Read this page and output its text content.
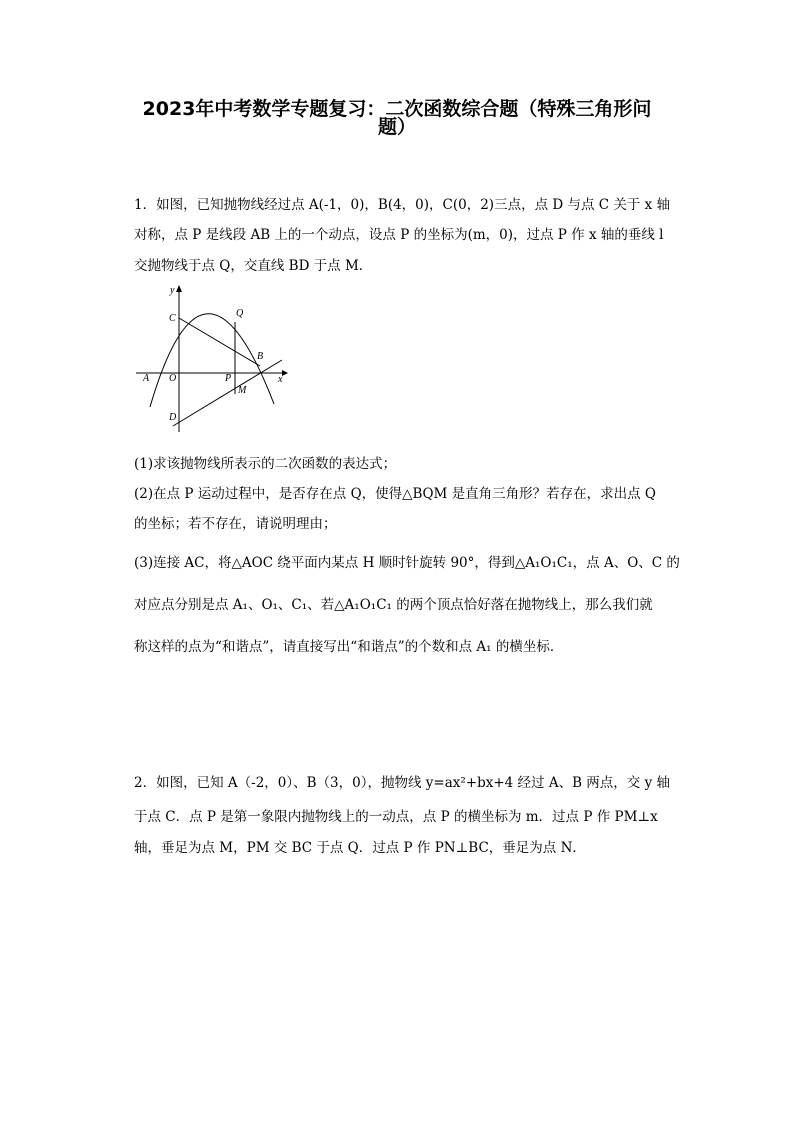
2023年中考数学专题复习：二次函数综合题（特殊三角形问
题）
1．如图，已知抛物线经过点 A(-1，0)，B(4，0)，C(0，2)三点，点 D 与点 C 关于 x 轴
对称，点 P 是线段 AB 上的一个动点，设点 P 的坐标为(m，0)，过点 P 作 x 轴的垂线 l
交抛物线于点 Q，交直线 BD 于点 M．
y
x
C	Q
B
A O	P
M
D
(1)求该抛物线所表示的二次函数的表达式；
(2)在点 P 运动过程中，是否存在点 Q，使得△BQM 是直角三角形？若存在，求出点 Q
的坐标；若不存在，请说明理由；
(3)连接 AC，将△AOC 绕平面内某点 H 顺时针旋转 90°，得到△A₁O₁C₁，点 A、O、C 的
对应点分别是点 A₁、O₁、C₁、若△A₁O₁C₁ 的两个顶点恰好落在抛物线上，那么我们就
称这样的点为“和谐点”，请直接写出“和谐点”的个数和点 A₁ 的横坐标．
2．如图，已知 A（-2，0）、B（3，0），抛物线 y=ax²+bx+4 经过 A、B 两点，交 y 轴
于点 C．点 P 是第一象限内抛物线上的一动点，点 P 的横坐标为 m．过点 P 作 PM⊥x
轴，垂足为点 M，PM 交 BC 于点 Q．过点 P 作 PN⊥BC，垂足为点 N．
